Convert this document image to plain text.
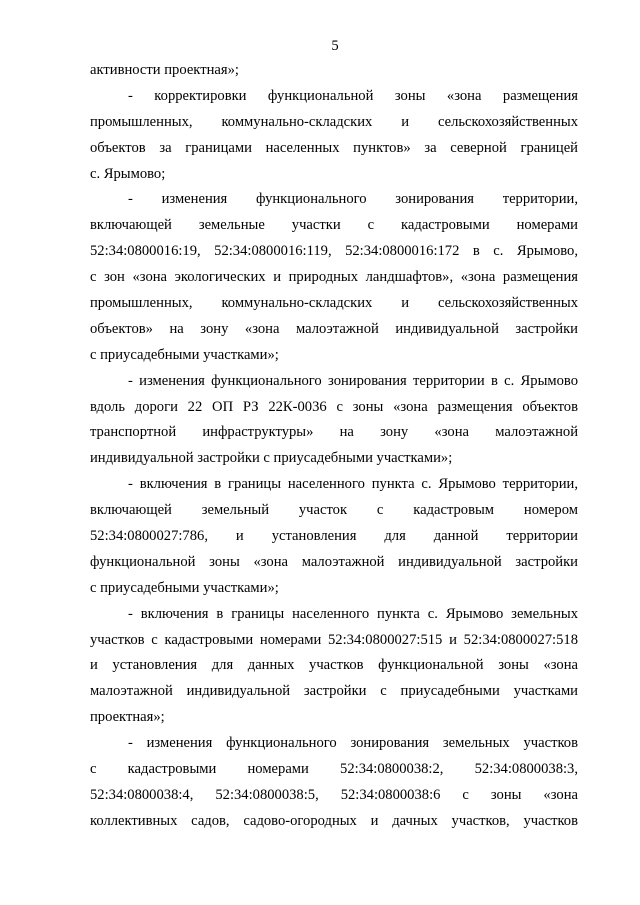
5
активности проектная»;
- корректировки функциональной зоны «зона размещения
промышленных, коммунально-складских и сельскохозяйственных
объектов за границами населенных пунктов» за северной границей
с. Ярымово;
- изменения функционального зонирования территории,
включающей земельные участки с кадастровыми номерами
52:34:0800016:19, 52:34:0800016:119, 52:34:0800016:172 в с. Ярымово,
с зон «зона экологических и природных ландшафтов», «зона размещения
промышленных, коммунально-складских и сельскохозяйственных
объектов» на зону «зона малоэтажной индивидуальной застройки
с приусадебными участками»;
- изменения функционального зонирования территории в с. Ярымово
вдоль дороги 22 ОП РЗ 22К-0036 с зоны «зона размещения объектов
транспортной инфраструктуры» на зону «зона малоэтажной
индивидуальной застройки с приусадебными участками»;
- включения в границы населенного пункта с. Ярымово территории,
включающей земельный участок с кадастровым номером
52:34:0800027:786, и установления для данной территории
функциональной зоны «зона малоэтажной индивидуальной застройки
с приусадебными участками»;
- включения в границы населенного пункта с. Ярымово земельных
участков с кадастровыми номерами 52:34:0800027:515 и 52:34:0800027:518
и установления для данных участков функциональной зоны «зона
малоэтажной индивидуальной застройки с приусадебными участками
проектная»;
- изменения функционального зонирования земельных участков
с кадастровыми номерами 52:34:0800038:2, 52:34:0800038:3,
52:34:0800038:4, 52:34:0800038:5, 52:34:0800038:6 с зоны «зона
коллективных садов, садово-огородных и дачных участков, участков
